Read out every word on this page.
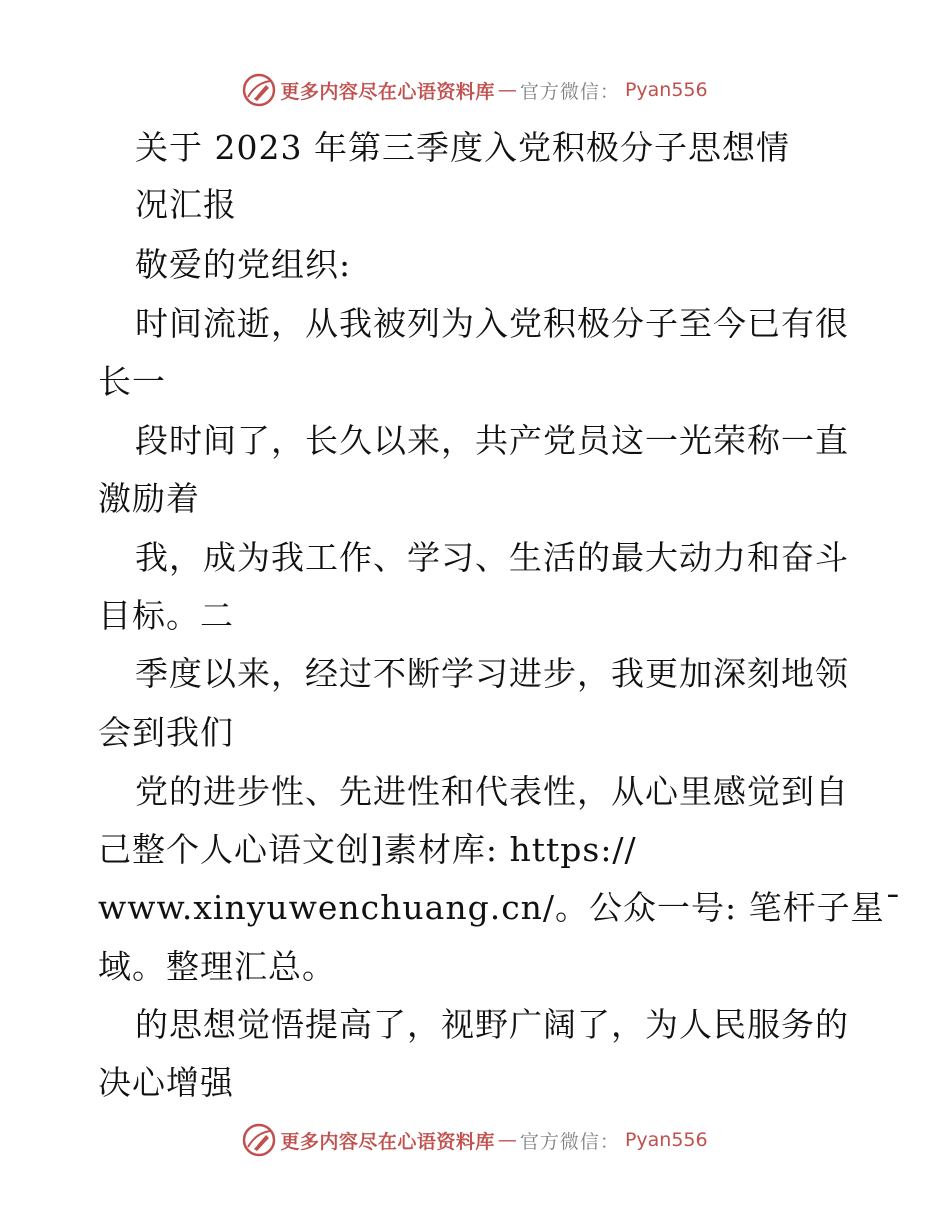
更多内容尽在心语资料库 — 官方微信 ： Pyan556
关于 2023 年第三季度入党积极分子思想情
况汇报
敬爱的党组织:
时间流逝，从我被列为入党积极分子至今已有很
长一
段时间了，长久以来，共产党员这一光荣称一直
激励着
我，成为我工作、学习、生活的最大动力和奋斗
目标。二
季度以来，经过不断学习进步，我更加深刻地领
会到我们
党的进步性、先进性和代表性，从心里感觉到自
己整个人心语文创]素材库: https://
www.xinyuwenchuang.cn/。公众一号: 笔杆子星¯
域。整理汇总。
的思想觉悟提高了，视野广阔了，为人民服务的
决心增强
更多内容尽在心语资料库 — 官方微信 ： Pyan556
